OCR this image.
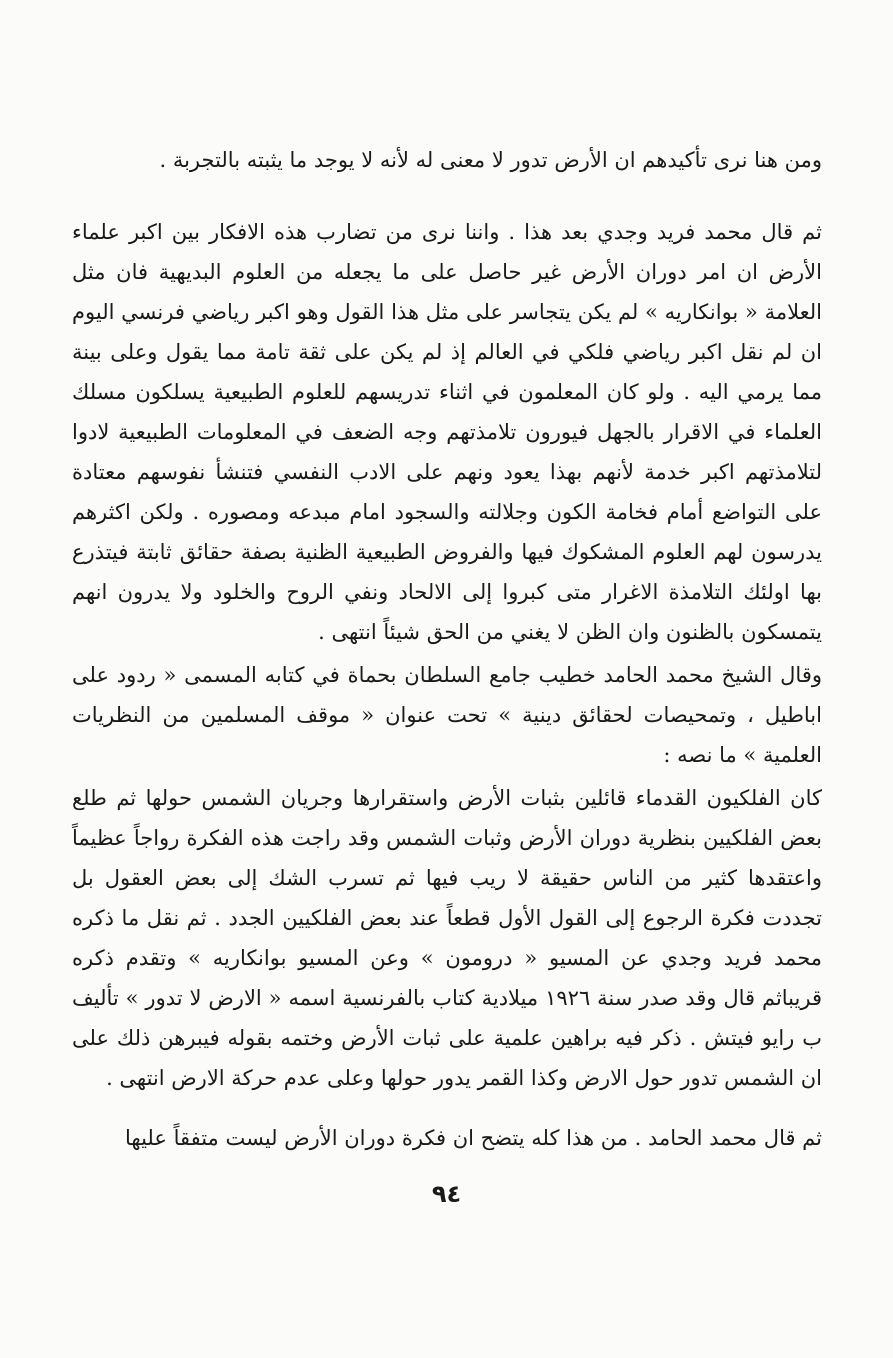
ومن هنا نرى تأكيدهم ان الأرض تدور لا معنى له لأنه لا يوجد ما يثبته بالتجربة .

ثم قال محمد فريد وجدي بعد هذا . واننا نرى من تضارب هذه الافكار بين اكبر علماء الأرض ان امر دوران الأرض غير حاصل على ما يجعله من العلوم البديهية فان مثل العلامة « بوانكاريه » لم يكن يتجاسر على مثل هذا القول وهو اكبر رياضي فرنسي اليوم ان لم نقل اكبر رياضي فلكي في العالم إذ لم يكن على ثقة تامة مما يقول وعلى بينة مما يرمي اليه . ولو كان المعلمون في اثناء تدريسهم للعلوم الطبيعية يسلكون مسلك العلماء في الاقرار بالجهل فيورون تلامذتهم وجه الضعف في المعلومات الطبيعية لادوا لتلامذتهم اكبر خدمة لأنهم بهذا يعود ونهم على الادب النفسي فتنشأ نفوسهم معتادة على التواضع أمام فخامة الكون وجلالته والسجود امام مبدعه ومصوره . ولكن اكثرهم يدرسون لهم العلوم المشكوك فيها والفروض الطبيعية الظنية بصفة حقائق ثابتة فيتذرع بها اولئك التلامذة الاغرار متى كبروا إلى الالحاد ونفي الروح والخلود ولا يدرون انهم يتمسكون بالظنون وان الظن لا يغني من الحق شيئاً انتهى .

وقال الشيخ محمد الحامد خطيب جامع السلطان بحماة في كتابه المسمى « ردود على اباطيل ، وتمحيصات لحقائق دينية » تحت عنوان « موقف المسلمين من النظريات العلمية » ما نصه :

كان الفلكيون القدماء قائلين بثبات الأرض واستقرارها وجريان الشمس حولها ثم طلع بعض الفلكيين بنظرية دوران الأرض وثبات الشمس وقد راجت هذه الفكرة رواجاً عظيماً واعتقدها كثير من الناس حقيقة لا ريب فيها ثم تسرب الشك إلى بعض العقول بل تجددت فكرة الرجوع إلى القول الأول قطعاً عند بعض الفلكيين الجدد . ثم نقل ما ذكره محمد فريد وجدي عن المسيو « درومون » وعن المسيو بوانكاريه » وتقدم ذكره قريباثم قال وقد صدر سنة ١٩٢٦ ميلادية كتاب بالفرنسية اسمه « الارض لا تدور » تأليف ب رايو فيتش . ذكر فيه براهين علمية على ثبات الأرض وختمه بقوله فيبرهن ذلك على ان الشمس تدور حول الارض وكذا القمر يدور حولها وعلى عدم حركة الارض انتهى .

ثم قال محمد الحامد . من هذا كله يتضح ان فكرة دوران الأرض ليست متفقاً عليها

٩٤
